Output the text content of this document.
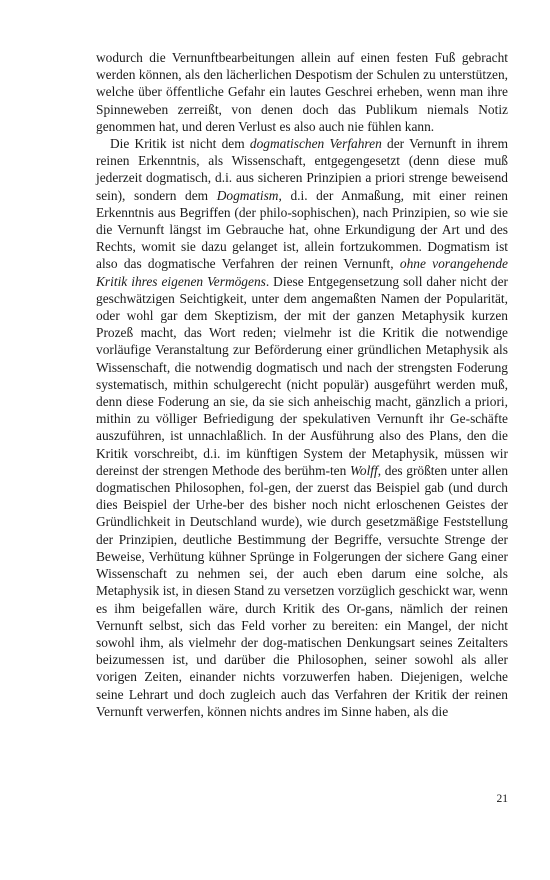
wodurch die Vernunftbearbeitungen allein auf einen festen Fuß gebracht werden können, als den lächerlichen Despotism der Schulen zu unterstützen, welche über öffentliche Gefahr ein lautes Geschrei erheben, wenn man ihre Spinneweben zerreißt, von denen doch das Publikum niemals Notiz genommen hat, und deren Verlust es also auch nie fühlen kann.

Die Kritik ist nicht dem dogmatischen Verfahren der Vernunft in ihrem reinen Erkenntnis, als Wissenschaft, entgegengesetzt (denn diese muß jederzeit dogmatisch, d.i. aus sicheren Prinzipien a priori strenge beweisend sein), sondern dem Dogmatism, d.i. der Anmaßung, mit einer reinen Erkenntnis aus Begriffen (der philo-sophischen), nach Prinzipien, so wie sie die Vernunft längst im Gebrauche hat, ohne Erkundigung der Art und des Rechts, womit sie dazu gelanget ist, allein fortzukommen. Dogmatism ist also das dogmatische Verfahren der reinen Vernunft, ohne vorangehende Kritik ihres eigenen Vermögens. Diese Entgegensetzung soll daher nicht der geschwätzigen Seichtigkeit, unter dem angemaßten Namen der Popularität, oder wohl gar dem Skeptizism, der mit der ganzen Metaphysik kurzen Prozeß macht, das Wort reden; vielmehr ist die Kritik die notwendige vorläufige Veranstaltung zur Beförderung einer gründlichen Metaphysik als Wissenschaft, die notwendig dogmatisch und nach der strengsten Foderung systematisch, mithin schulgerecht (nicht populär) ausgeführt werden muß, denn diese Foderung an sie, da sie sich anheischig macht, gänzlich a priori, mithin zu völliger Befriedigung der spekulativen Vernunft ihr Ge-schäfte auszuführen, ist unnachlaßlich. In der Ausführung also des Plans, den die Kritik vorschreibt, d.i. im künftigen System der Metaphysik, müssen wir dereinst der strengen Methode des berühm-ten Wolff, des größten unter allen dogmatischen Philosophen, fol-gen, der zuerst das Beispiel gab (und durch dies Beispiel der Urhe-ber des bisher noch nicht erloschenen Geistes der Gründlichkeit in Deutschland wurde), wie durch gesetzmäßige Feststellung der Prinzipien, deutliche Bestimmung der Begriffe, versuchte Strenge der Beweise, Verhütung kühner Sprünge in Folgerungen der sichere Gang einer Wissenschaft zu nehmen sei, der auch eben darum eine solche, als Metaphysik ist, in diesen Stand zu versetzen vorzüglich geschickt war, wenn es ihm beigefallen wäre, durch Kritik des Or-gans, nämlich der reinen Vernunft selbst, sich das Feld vorher zu bereiten: ein Mangel, der nicht sowohl ihm, als vielmehr der dog-matischen Denkungsart seines Zeitalters beizumessen ist, und darüber die Philosophen, seiner sowohl als aller vorigen Zeiten, einander nichts vorzuwerfen haben. Diejenigen, welche seine Lehrart und doch zugleich auch das Verfahren der Kritik der reinen Vernunft verwerfen, können nichts andres im Sinne haben, als die

21
